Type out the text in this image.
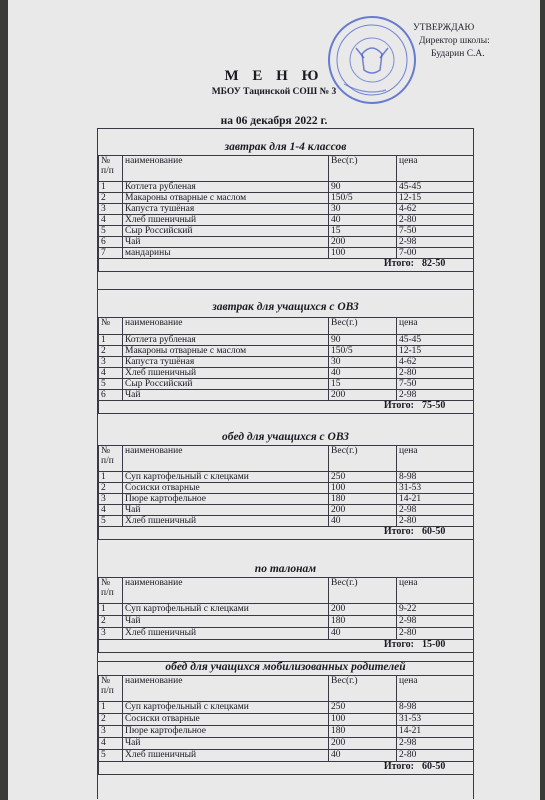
УТВЕРЖДАЮ
Директор школы:
Бударин С.А.
М Е Н Ю
МБОУ Тацинской СОШ № 3
на 06 декабря 2022 г.
завтрак для 1-4 классов
№ п/п	наименование	Вес(г.)	цена
1	Котлета рубленая	90	45-45
2	Макароны отварные с маслом	150/5	12-15
3	Капуста тушёная	30	4-62
4	Хлеб пшеничный	40	2-80
5	Сыр Российский	15	7-50
6	Чай	200	2-98
7	мандарины	100	7-00
Итого: 82-50			
завтрак для учащихся с ОВЗ
№	наименование	Вес(г.)	цена
1	Котлета рубленая	90	45-45
2	Макароны отварные с маслом	150/5	12-15
3	Капуста тушёная	30	4-62
4	Хлеб пшеничный	40	2-80
5	Сыр Российский	15	7-50
6	Чай	200	2-98
Итого: 75-50			
обед для учащихся с ОВЗ
№ п/п	наименование	Вес(г.)	цена
1	Суп картофельный с клецками	250	8-98
2	Сосиски отварные	100	31-53
3	Пюре картофельное	180	14-21
4	Чай	200	2-98
5	Хлеб пшеничный	40	2-80
Итого: 60-50			
по талонам
№ п/п	наименование	Вес(г.)	цена
1	Суп картофельный с клецками	200	9-22
2	Чай	180	2-98
3	Хлеб пшеничный	40	2-80
Итого: 15-00			
обед для учащихся мобилизованных родителей
№ п/п	наименование	Вес(г.)	цена
1	Суп картофельный с клецками	250	8-98
2	Сосиски отварные	100	31-53
3	Пюре картофельное	180	14-21
4	Чай	200	2-98
5	Хлеб пшеничный	40	2-80
Итого: 60-50			
